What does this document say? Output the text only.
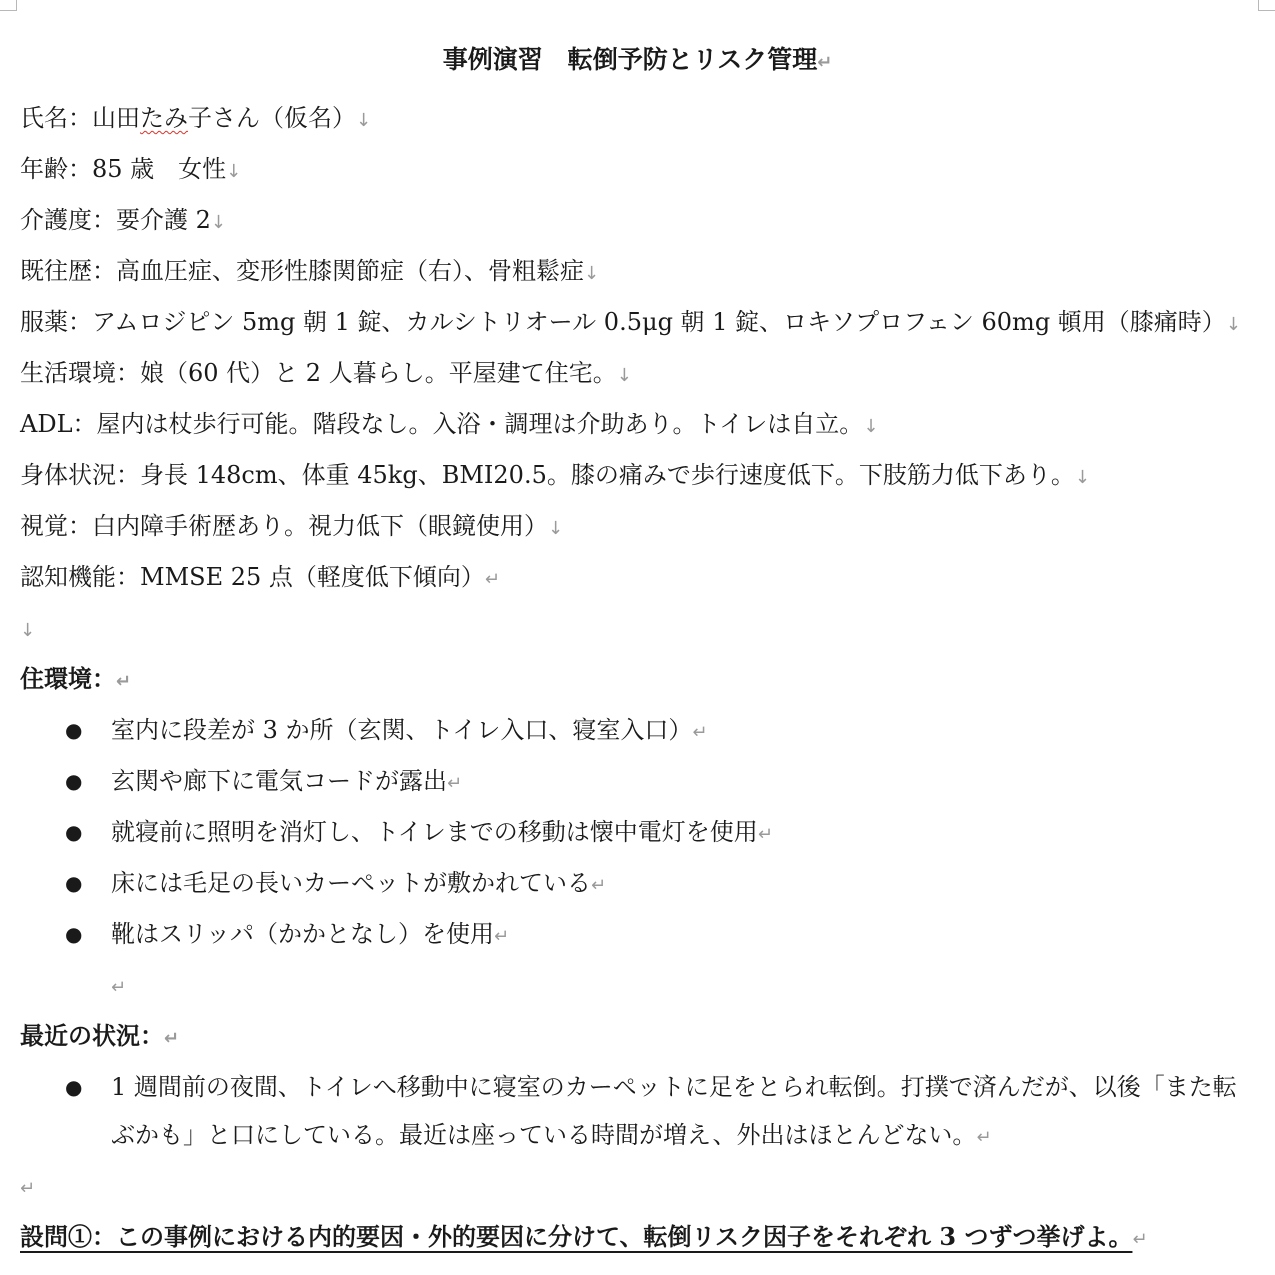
事例演習　転倒予防とリスク管理↵
氏名：山田たみ子さん（仮名）↓
年齢：85 歳　女性↓
介護度：要介護 2↓
既往歴：高血圧症、変形性膝関節症（右）、骨粗鬆症↓
服薬：アムロジピン 5mg 朝 1 錠、カルシトリオール 0.5μg 朝 1 錠、ロキソプロフェン 60mg 頓用（膝痛時）↓
生活環境：娘（60 代）と 2 人暮らし。平屋建て住宅。↓
ADL：屋内は杖歩行可能。階段なし。入浴・調理は介助あり。トイレは自立。↓
身体状況：身長 148cm、体重 45kg、BMI20.5。膝の痛みで歩行速度低下。下肢筋力低下あり。↓
視覚：白内障手術歴あり。視力低下（眼鏡使用）↓
認知機能：MMSE 25 点（軽度低下傾向）↵
↓
住環境：↵
●
室内に段差が 3 か所（玄関、トイレ入口、寝室入口）↵
●
玄関や廊下に電気コードが露出↵
●
就寝前に照明を消灯し、トイレまでの移動は懐中電灯を使用↵
●
床には毛足の長いカーペットが敷かれている↵
●
靴はスリッパ（かかとなし）を使用↵
↵
最近の状況：↵
●
1 週間前の夜間、トイレへ移動中に寝室のカーペットに足をとられ転倒。打撲で済んだが、以後「また転ぶかも」と口にしている。最近は座っている時間が増え、外出はほとんどない。↵
↵
設問①：この事例における内的要因・外的要因に分けて、転倒リスク因子をそれぞれ 3 つずつ挙げよ。↵
